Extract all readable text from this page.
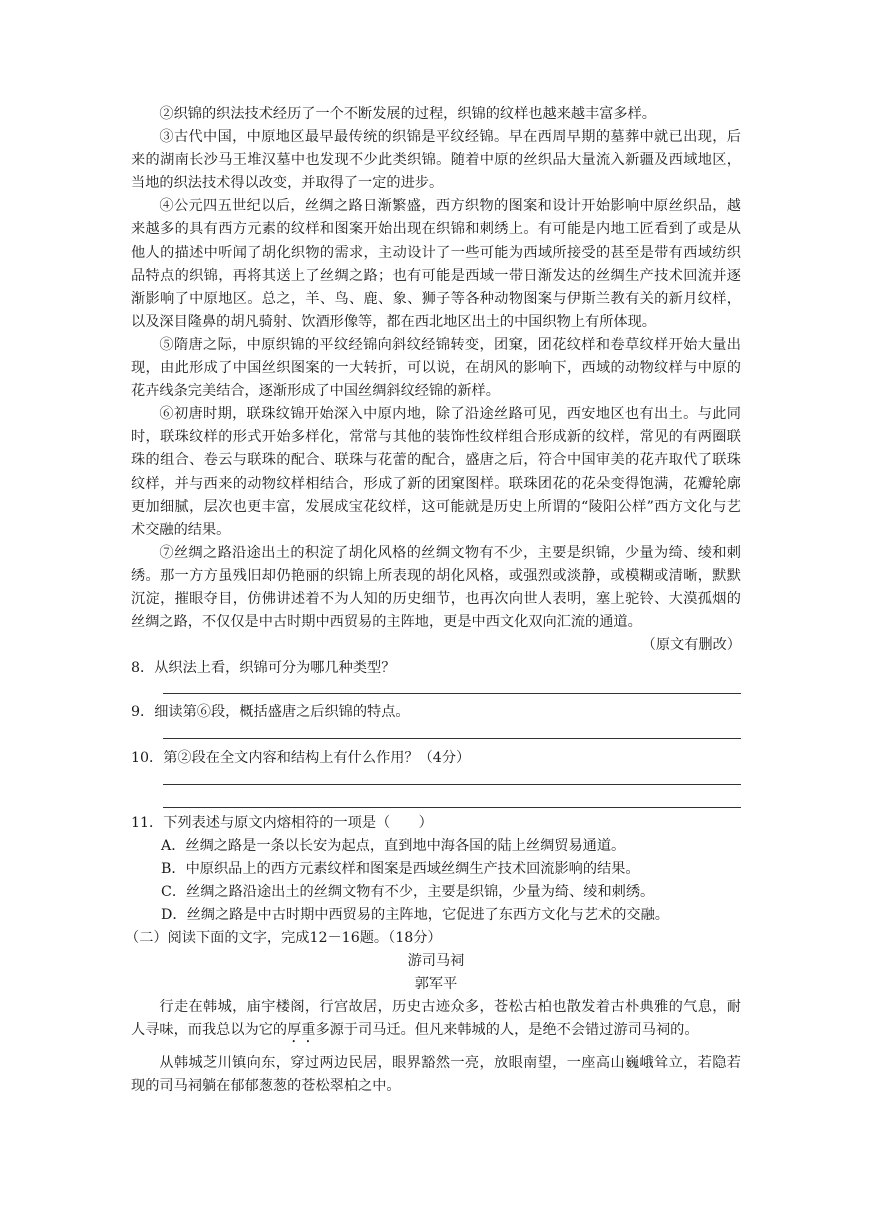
②织锦的织法技术经历了一个不断发展的过程，织锦的纹样也越来越丰富多样。

③古代中国，中原地区最早最传统的织锦是平纹经锦。早在西周早期的墓葬中就已出现，后来的湖南长沙马王堆汉墓中也发现不少此类织锦。随着中原的丝织品大量流入新疆及西域地区，当地的织法技术得以改变，并取得了一定的进步。

④公元四五世纪以后，丝绸之路日渐繁盛，西方织物的图案和设计开始影响中原丝织品，越来越多的具有西方元素的纹样和图案开始出现在织锦和刺绣上。有可能是内地工匠看到了或是从他人的描述中听闻了胡化织物的需求，主动设计了一些可能为西域所接受的甚至是带有西域纺织品特点的织锦，再将其送上了丝绸之路；也有可能是西域一带日渐发达的丝绸生产技术回流并逐渐影响了中原地区。总之，羊、鸟、鹿、象、狮子等各种动物图案与伊斯兰教有关的新月纹样，以及深目隆鼻的胡凡骑射、饮酒形像等，都在西北地区出土的中国织物上有所体现。

⑤隋唐之际，中原织锦的平纹经锦向斜纹经锦转变，团窠，团花纹样和卷草纹样开始大量出现，由此形成了中国丝织图案的一大转折，可以说，在胡风的影响下，西域的动物纹样与中原的花卉线条完美结合，逐渐形成了中国丝绸斜纹经锦的新样。

⑥初唐时期，联珠纹锦开始深入中原内地，除了沿途丝路可见，西安地区也有出土。与此同时，联珠纹样的形式开始多样化，常常与其他的装饰性纹样组合形成新的纹样，常见的有两圈联珠的组合、卷云与联珠的配合、联珠与花蕾的配合，盛唐之后，符合中国审美的花卉取代了联珠纹样，并与西来的动物纹样相结合，形成了新的团窠图样。联珠团花的花朵变得饱满，花瓣轮廓更加细腻，层次也更丰富，发展成宝花纹样，这可能就是历史上所谓的“陵阳公样”西方文化与艺术交融的结果。

⑦丝绸之路沿途出土的积淀了胡化风格的丝绸文物有不少，主要是织锦，少量为绮、绫和刺绣。那一方方虽残旧却仍艳丽的织锦上所表现的胡化风格，或强烈或淡静，或模糊或清晰，默默沉淀，摧眼夺目，仿佛讲述着不为人知的历史细节，也再次向世人表明，塞上驼铃、大漠孤烟的丝绸之路，不仅仅是中古时期中西贸易的主阵地，更是中西文化双向汇流的通道。

（原文有删改）

8．从织法上看，织锦可分为哪几种类型？

9．细读第⑥段，概括盛唐之后织锦的特点。

10．第②段在全文内容和结构上有什么作用？（4分）

11．下列表述与原文内熔相符的一项是（　　）

A．丝绸之路是一条以长安为起点，直到地中海各国的陆上丝绸贸易通道。

B．中原织品上的西方元素纹样和图案是西域丝绸生产技术回流影响的结果。

C．丝绸之路沿途出土的丝绸文物有不少，主要是织锦，少量为绮、绫和刺绣。

D．丝绸之路是中古时期中西贸易的主阵地，它促进了东西方文化与艺术的交融。

（二）阅读下面的文字，完成12－16题。（18分）

游司马祠

郭军平

行走在韩城，庙宇楼阁，行宫故居，历史古迹众多，苍松古柏也散发着古朴典雅的气息，耐人寻味，而我总以为它的厚重多源于司马迁。但凡来韩城的人，是绝不会错过游司马祠的。

从韩城芝川镇向东，穿过两边民居，眼界豁然一亮，放眼南望，一座高山巍峨耸立，若隐若现的司马祠躺在郁郁葱葱的苍松翠柏之中。
